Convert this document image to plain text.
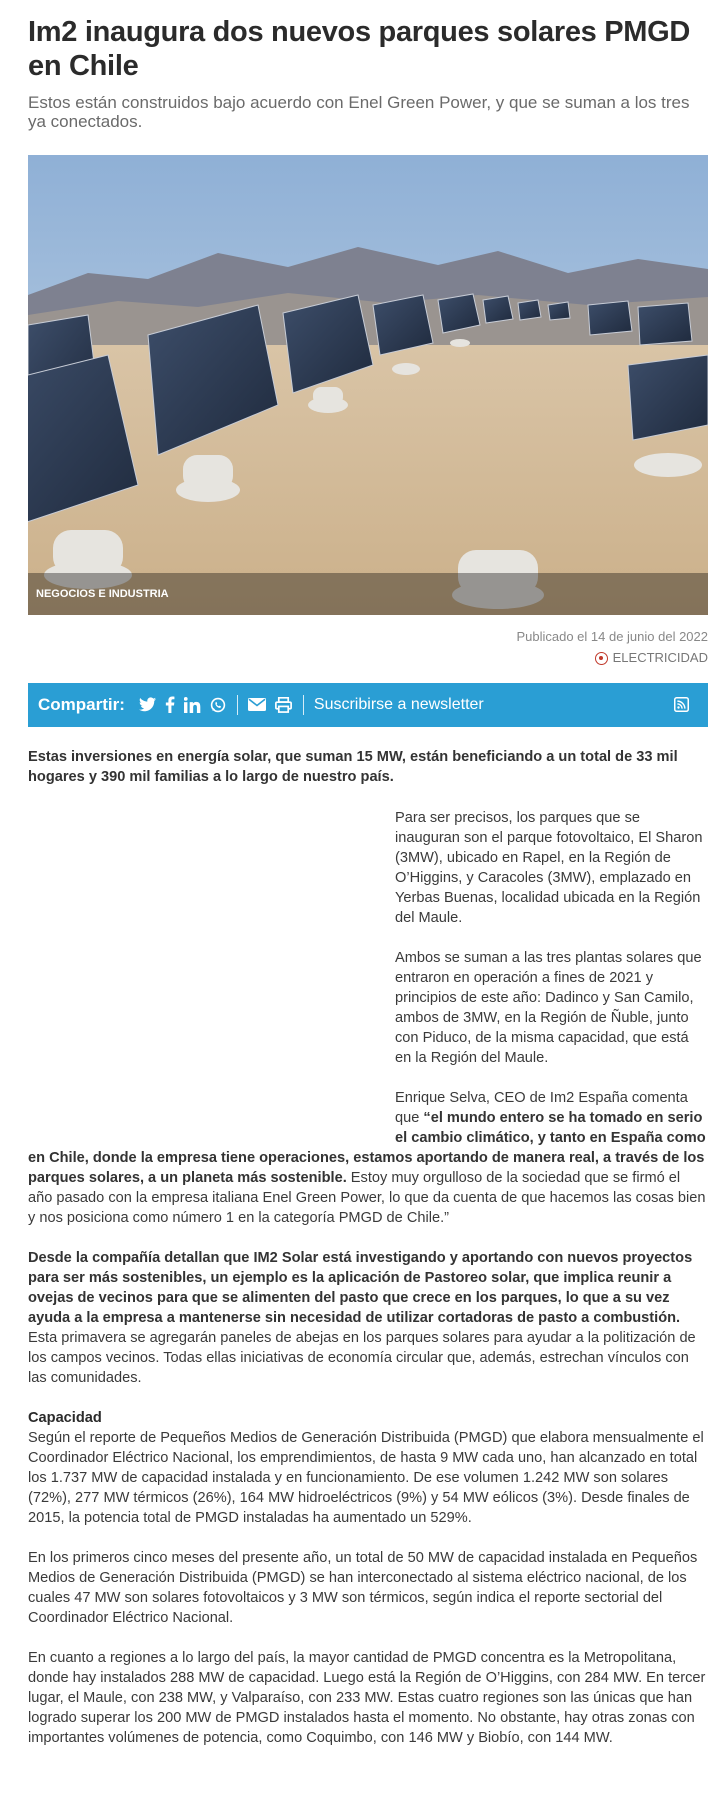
Im2 inaugura dos nuevos parques solares PMGD en Chile

Estos están construidos bajo acuerdo con Enel Green Power, y que se suman a los tres ya conectados.

NEGOCIOS E INDUSTRIA
Publicado el 14 de junio del 2022
ELECTRICIDAD
Compartir:	Suscribirse a newsletter

Estas inversiones en energía solar, que suman 15 MW, están beneficiando a un total de 33 mil hogares y 390 mil familias a lo largo de nuestro país.

Para ser precisos, los parques que se inauguran son el parque fotovoltaico, El Sharon (3MW), ubicado en Rapel, en la Región de O’Higgins, y Caracoles (3MW), emplazado en Yerbas Buenas, localidad ubicada en la Región del Maule.

Ambos se suman a las tres plantas solares que entraron en operación a fines de 2021 y principios de este año: Dadinco y San Camilo, ambos de 3MW, en la Región de Ñuble, junto con Piduco, de la misma capacidad, que está en la Región del Maule.

Enrique Selva, CEO de Im2 España comenta que “el mundo entero se ha tomado en serio el cambio climático, y tanto en España como en Chile, donde la empresa tiene operaciones, estamos aportando de manera real, a través de los parques solares, a un planeta más sostenible. Estoy muy orgulloso de la sociedad que se firmó el año pasado con la empresa italiana Enel Green Power, lo que da cuenta de que hacemos las cosas bien y nos posiciona como número 1 en la categoría PMGD de Chile.”

Desde la compañía detallan que IM2 Solar está investigando y aportando con nuevos proyectos para ser más sostenibles, un ejemplo es la aplicación de Pastoreo solar, que implica reunir a ovejas de vecinos para que se alimenten del pasto que crece en los parques, lo que a su vez ayuda a la empresa a mantenerse sin necesidad de utilizar cortadoras de pasto a combustión. Esta primavera se agregarán paneles de abejas en los parques solares para ayudar a la politización de los campos vecinos. Todas ellas iniciativas de economía circular que, además, estrechan vínculos con las comunidades.

Capacidad

Según el reporte de Pequeños Medios de Generación Distribuida (PMGD) que elabora mensualmente el Coordinador Eléctrico Nacional, los emprendimientos, de hasta 9 MW cada uno, han alcanzado en total los 1.737 MW de capacidad instalada y en funcionamiento. De ese volumen 1.242 MW son solares (72%), 277 MW térmicos (26%), 164 MW hidroeléctricos (9%) y 54 MW eólicos (3%). Desde finales de 2015, la potencia total de PMGD instaladas ha aumentado un 529%.

En los primeros cinco meses del presente año, un total de 50 MW de capacidad instalada en Pequeños Medios de Generación Distribuida (PMGD) se han interconectado al sistema eléctrico nacional, de los cuales 47 MW son solares fotovoltaicos y 3 MW son térmicos, según indica el reporte sectorial del Coordinador Eléctrico Nacional.

En cuanto a regiones a lo largo del país, la mayor cantidad de PMGD concentra es la Metropolitana, donde hay instalados 288 MW de capacidad. Luego está la Región de O’Higgins, con 284 MW. En tercer lugar, el Maule, con 238 MW, y Valparaíso, con 233 MW. Estas cuatro regiones son las únicas que han logrado superar los 200 MW de PMGD instalados hasta el momento. No obstante, hay otras zonas con importantes volúmenes de potencia, como Coquimbo, con 146 MW y Biobío, con 144 MW.
